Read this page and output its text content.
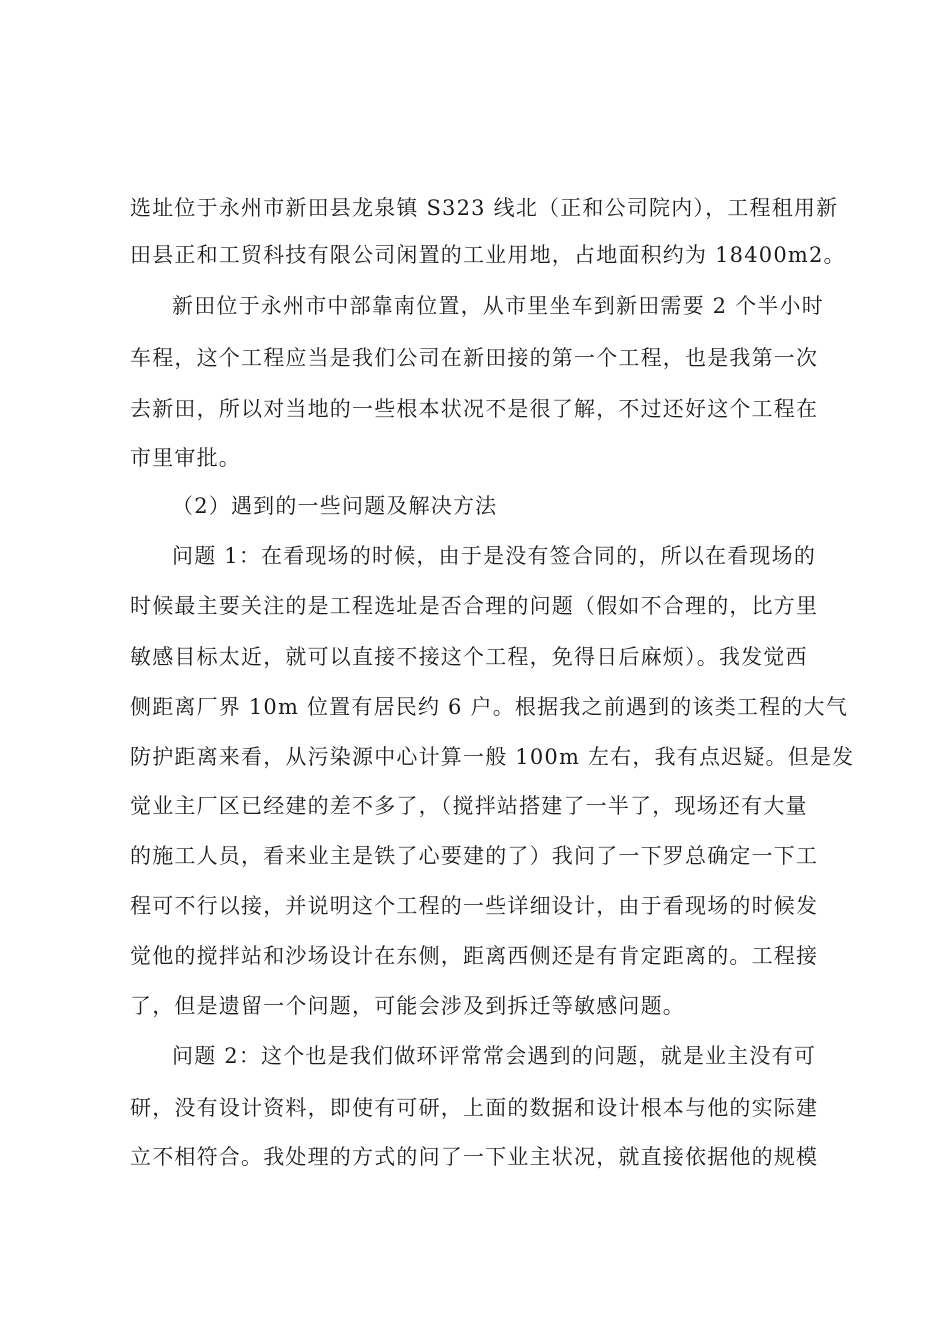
选址位于永州市新田县龙泉镇 S323 线北（正和公司院内），工程租用新
田县正和工贸科技有限公司闲置的工业用地，占地面积约为 18400m2。
新田位于永州市中部靠南位置，从市里坐车到新田需要 2 个半小时
车程，这个工程应当是我们公司在新田接的第一个工程，也是我第一次
去新田，所以对当地的一些根本状况不是很了解，不过还好这个工程在
市里审批。
（2）遇到的一些问题及解决方法
问题 1：在看现场的时候，由于是没有签合同的，所以在看现场的
时候最主要关注的是工程选址是否合理的问题（假如不合理的，比方里
敏感目标太近，就可以直接不接这个工程，免得日后麻烦）。我发觉西
侧距离厂界 10m 位置有居民约 6 户。根据我之前遇到的该类工程的大气
防护距离来看，从污染源中心计算一般 100m 左右，我有点迟疑。但是发
觉业主厂区已经建的差不多了，（搅拌站搭建了一半了，现场还有大量
的施工人员，看来业主是铁了心要建的了）我问了一下罗总确定一下工
程可不行以接，并说明这个工程的一些详细设计，由于看现场的时候发
觉他的搅拌站和沙场设计在东侧，距离西侧还是有肯定距离的。工程接
了，但是遗留一个问题，可能会涉及到拆迁等敏感问题。
问题 2：这个也是我们做环评常常会遇到的问题，就是业主没有可
研，没有设计资料，即使有可研，上面的数据和设计根本与他的实际建
立不相符合。我处理的方式的问了一下业主状况，就直接依据他的规模
